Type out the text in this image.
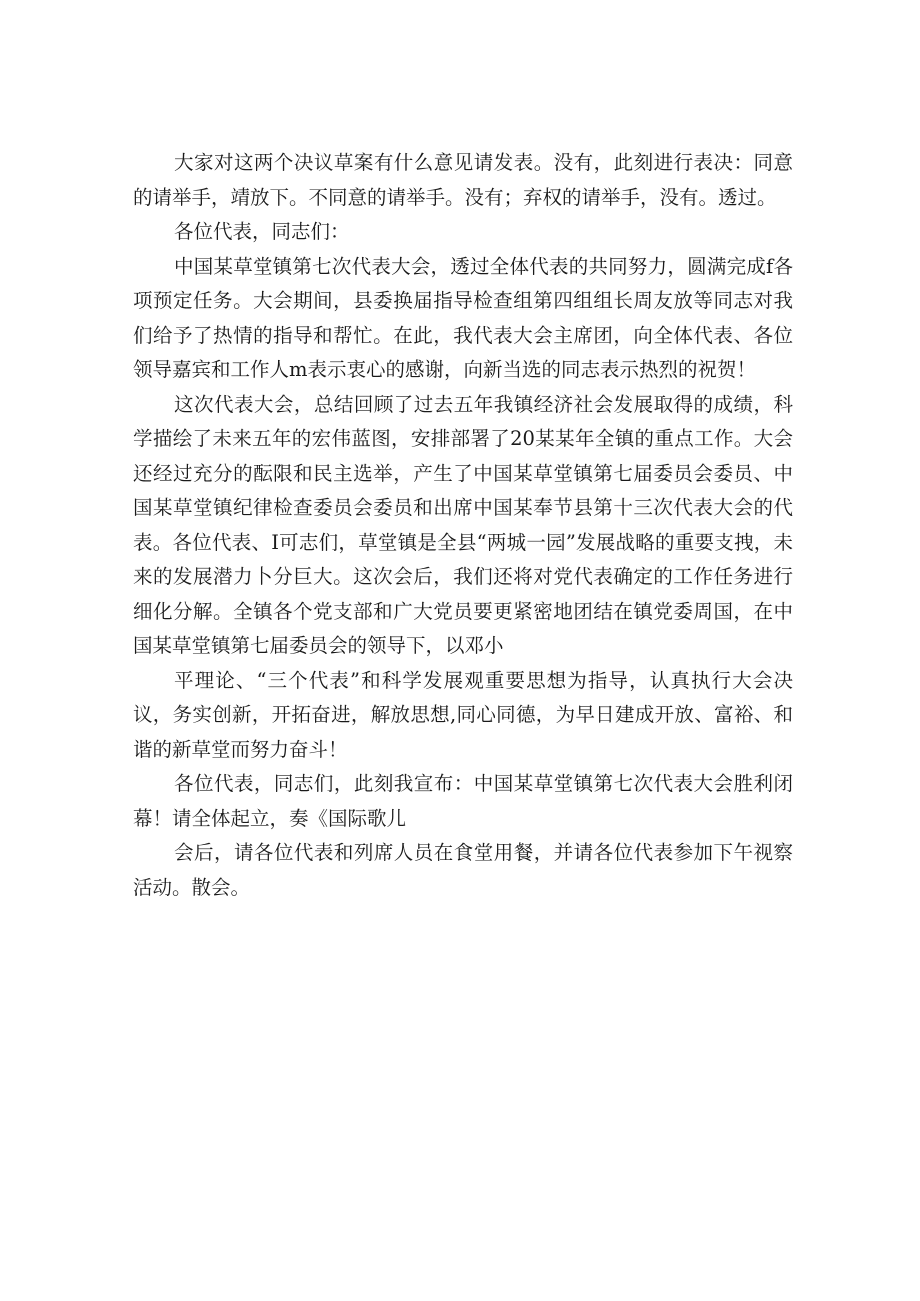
大家对这两个决议草案有什么意见请发表。没有，此刻进行表决：同意的请举手，靖放下。不同意的请举手。没有；弃权的请举手，没有。透过。

各位代表，同志们：

中国某草堂镇第七次代表大会，透过全体代表的共同努力，圆满完成f各项预定任务。大会期间，县委换届指导检查组第四组组长周友放等同志对我们给予了热情的指导和帮忙。在此，我代表大会主席团，向全体代表、各位领导嘉宾和工作人m表示衷心的感谢，向新当选的同志表示热烈的祝贺！

这次代表大会，总结回顾了过去五年我镇经济社会发展取得的成绩，科学描绘了未来五年的宏伟蓝图，安排部署了20某某年全镇的重点工作。大会还经过充分的酝限和民主选举，产生了中国某草堂镇第七届委员会委员、中国某草堂镇纪律检查委员会委员和出席中国某奉节县第十三次代表大会的代表。各位代表、I可志们，草堂镇是全县“两城一园”发展战略的重要支拽，未来的发展潜力卜分巨大。这次会后，我们还将对党代表确定的工作任务进行细化分解。全镇各个党支部和广大党员要更紧密地团结在镇党委周国，在中国某草堂镇第七届委员会的领导下，以邓小

平理论、“三个代表”和科学发展观重要思想为指导，认真执行大会决议，务实创新，开拓奋进，解放思想,同心同德，为早日建成开放、富裕、和谐的新草堂而努力奋斗！

各位代表，同志们，此刻我宣布：中国某草堂镇第七次代表大会胜利闭幕！请全体起立，奏《国际歌儿

会后，请各位代表和列席人员在食堂用餐，并请各位代表参加下午视察活动。散会。
